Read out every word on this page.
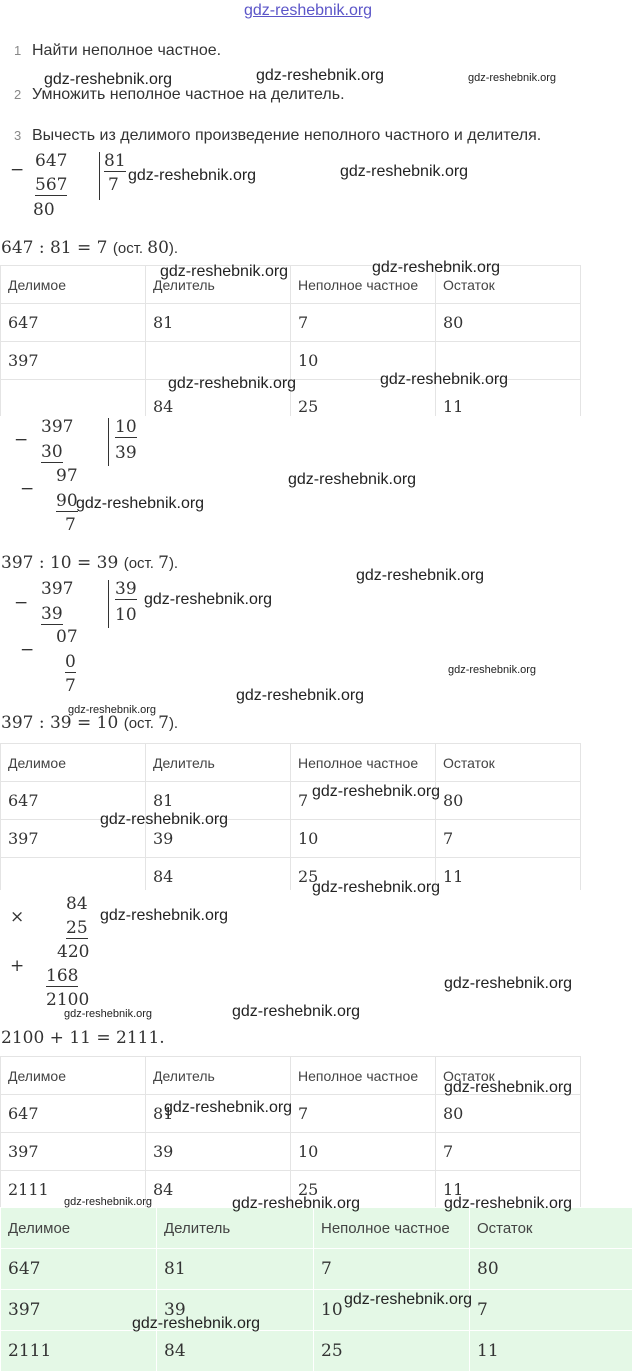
gdz-reshebnik.org
1 Найти неполное частное.
2 Умножить неполное частное на делитель.
3 Вычесть из делимого произведение неполного частного и делителя.
− 647
567
80
81
7
647 : 81 = 7 (ост. 80).
Делимое	Делитель	Неполное частное	Остаток
647	81	7	80
397		10	
	84	25	11
−
397
30
10
39
−
97
90
7
397 : 10 = 39 (ост. 7).
−
397
39
39
10
−
07
0
7
397 : 39 = 10 (ост. 7).
Делимое	Делитель	Неполное частное	Остаток
647	81	7	80
397	39	10	7
	84	25	11
×
84
25
420
+ 168
2100
2100 + 11 = 2111.
Делимое	Делитель	Неполное частное	Остаток
647	81	7	80
397	39	10	7
2111	84	25	11
Делимое	Делитель	Неполное частное	Остаток
647	81	7	80
397	39	10	7
2111	84	25	11
gdz-reshebnik.org	gdz-reshebnik.org	gdz-reshebnik.org
gdz-reshebnik.org	gdz-reshebnik.org
gdz-reshebnik.org	gdz-reshebnik.org
gdz-reshebnik.org	gdz-reshebnik.org
gdz-reshebnik.org
gdz-reshebnik.org
gdz-reshebnik.org
gdz-reshebnik.org
gdz-reshebnik.org
gdz-reshebnik.org
gdz-reshebnik.org
gdz-reshebnik.org
gdz-reshebnik.org
gdz-reshebnik.org
gdz-reshebnik.org
gdz-reshebnik.org
gdz-reshebnik.org	gdz-reshebnik.org
gdz-reshebnik.org
gdz-reshebnik.org
gdz-reshebnik.org	gdz-reshebnik.org	gdz-reshebnik.org
gdz-reshebnik.org
gdz-reshebnik.org
